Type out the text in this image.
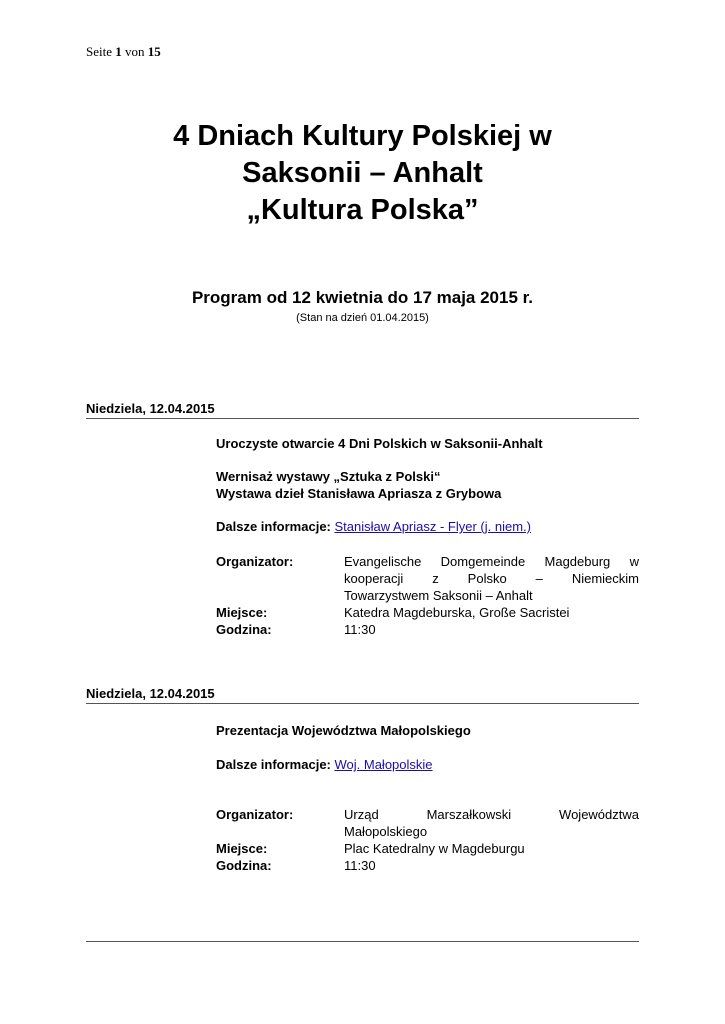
Seite 1 von 15
4 Dniach Kultury Polskiej w
Saksonii – Anhalt
„Kultura Polska”
Program od 12 kwietnia do 17 maja 2015 r.
(Stan na dzień 01.04.2015)
Niedziela, 12.04.2015
Uroczyste otwarcie 4 Dni Polskich w Saksonii-Anhalt
Wernisaż wystawy „Sztuka z Polski“
Wystawa dzieł Stanisława Apriasza z Grybowa
Dalsze informacje: Stanisław Apriasz - Flyer (j. niem.)
Organizator:	Evangelische Domgemeinde Magdeburg w
kooperacji z Polsko – Niemieckim
Towarzystwem Saksonii – Anhalt
Miejsce:	Katedra Magdeburska, Große Sacristei
Godzina:	11:30
Niedziela, 12.04.2015
Prezentacja Województwa Małopolskiego
Dalsze informacje: Woj. Małopolskie
Organizator:	Urząd Marszałkowski Województwa
Małopolskiego
Miejsce:	Plac Katedralny w Magdeburgu
Godzina:	11:30
